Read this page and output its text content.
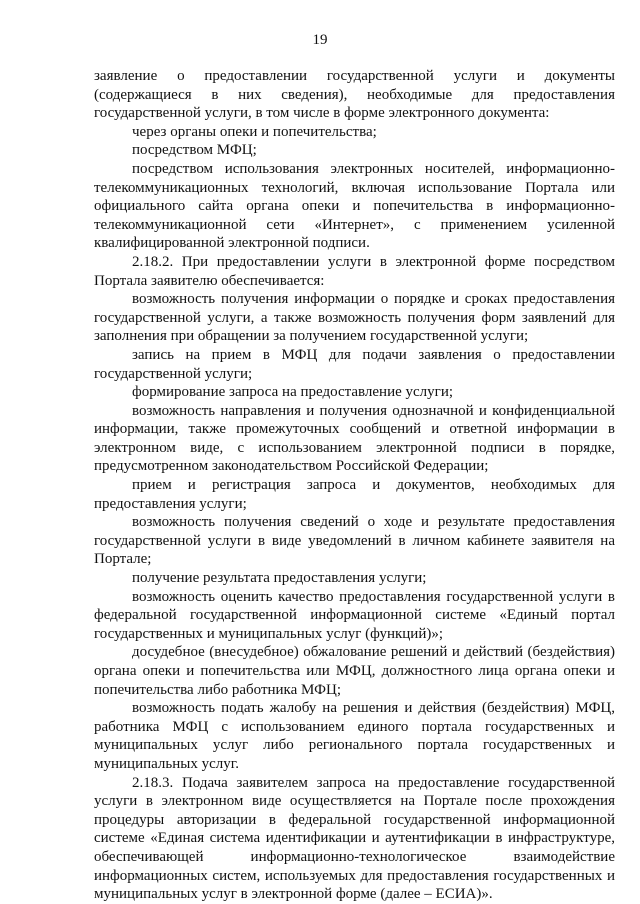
19

заявление о предоставлении государственной услуги и документы (содержащиеся в них сведения), необходимые для предоставления государственной услуги, в том числе в форме электронного документа:

через органы опеки и попечительства;

посредством МФЦ;

посредством использования электронных носителей, информационно-телекоммуникационных технологий, включая использование Портала или официального сайта органа опеки и попечительства в информационно-телекоммуникационной сети «Интернет», с применением усиленной квалифицированной электронной подписи.

2.18.2. При предоставлении услуги в электронной форме посредством Портала заявителю обеспечивается:

возможность получения информации о порядке и сроках предоставления государственной услуги, а также возможность получения форм заявлений для заполнения при обращении за получением государственной услуги;

запись на прием в МФЦ для подачи заявления о предоставлении государственной услуги;

формирование запроса на предоставление услуги;

возможность направления и получения однозначной и конфиденциальной информации, также промежуточных сообщений и ответной информации в электронном виде, с использованием электронной подписи в порядке, предусмотренном законодательством Российской Федерации;

прием и регистрация запроса и документов, необходимых для предоставления услуги;

возможность получения сведений о ходе и результате предоставления государственной услуги в виде уведомлений в личном кабинете заявителя на Портале;

получение результата предоставления услуги;

возможность оценить качество предоставления государственной услуги в федеральной государственной информационной системе «Единый портал государственных и муниципальных услуг (функций)»;

досудебное (внесудебное) обжалование решений и действий (бездействия) органа опеки и попечительства или МФЦ, должностного лица органа опеки и попечительства либо работника МФЦ;

возможность подать жалобу на решения и действия (бездействия) МФЦ, работника МФЦ с использованием единого портала государственных и муниципальных услуг либо регионального портала государственных и муниципальных услуг.

2.18.3. Подача заявителем запроса на предоставление государственной услуги в электронном виде осуществляется на Портале после прохождения процедуры авторизации в федеральной государственной информационной системе «Единая система идентификации и аутентификации в инфраструктуре, обеспечивающей информационно-технологическое взаимодействие информационных систем, используемых для предоставления государственных и муниципальных услуг в электронной форме (далее – ЕСИА)».
